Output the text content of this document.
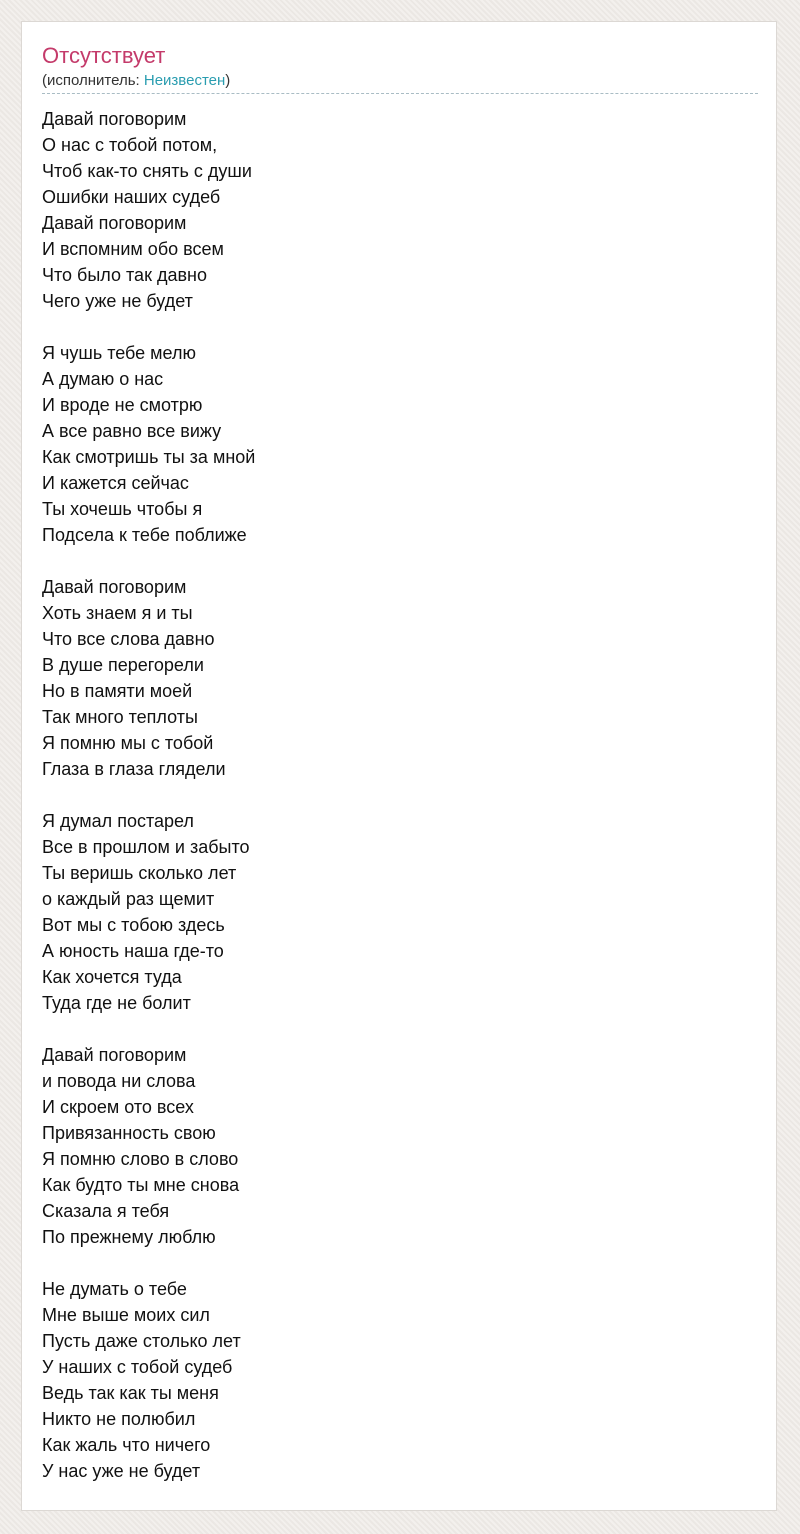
Отсутствует

(исполнитель: Неизвестен)

Давай поговорим
О нас с тобой потом,
Чтоб как-то снять с души
Ошибки наших судеб
Давай поговорим
И вспомним обо всем
Что было так давно
Чего уже не будет

Я чушь тебе мелю
А думаю о нас
И вроде не смотрю
А все равно все вижу
Как смотришь ты за мной
И кажется сейчас
Ты хочешь чтобы я
Подсела к тебе поближе

Давай поговорим
Хоть знаем я и ты
Что все слова давно
В душе перегорели
Но в памяти моей
Так много теплоты
Я помню мы с тобой
Глаза в глаза глядели

Я думал постарел
Все в прошлом и забыто
Ты веришь сколько лет
о каждый раз щемит
Вот мы с тобою здесь
А юность наша где-то
Как хочется туда
Туда где не болит

Давай поговорим
и повода ни слова
И скроем ото всех
Привязанность свою
Я помню слово в слово
Как будто ты мне снова
Сказала я тебя
По прежнему люблю

Не думать о тебе
Мне выше моих сил
Пусть даже столько лет
У наших с тобой судеб
Ведь так как ты меня
Никто не полюбил
Как жаль что ничего
У нас уже не будет
